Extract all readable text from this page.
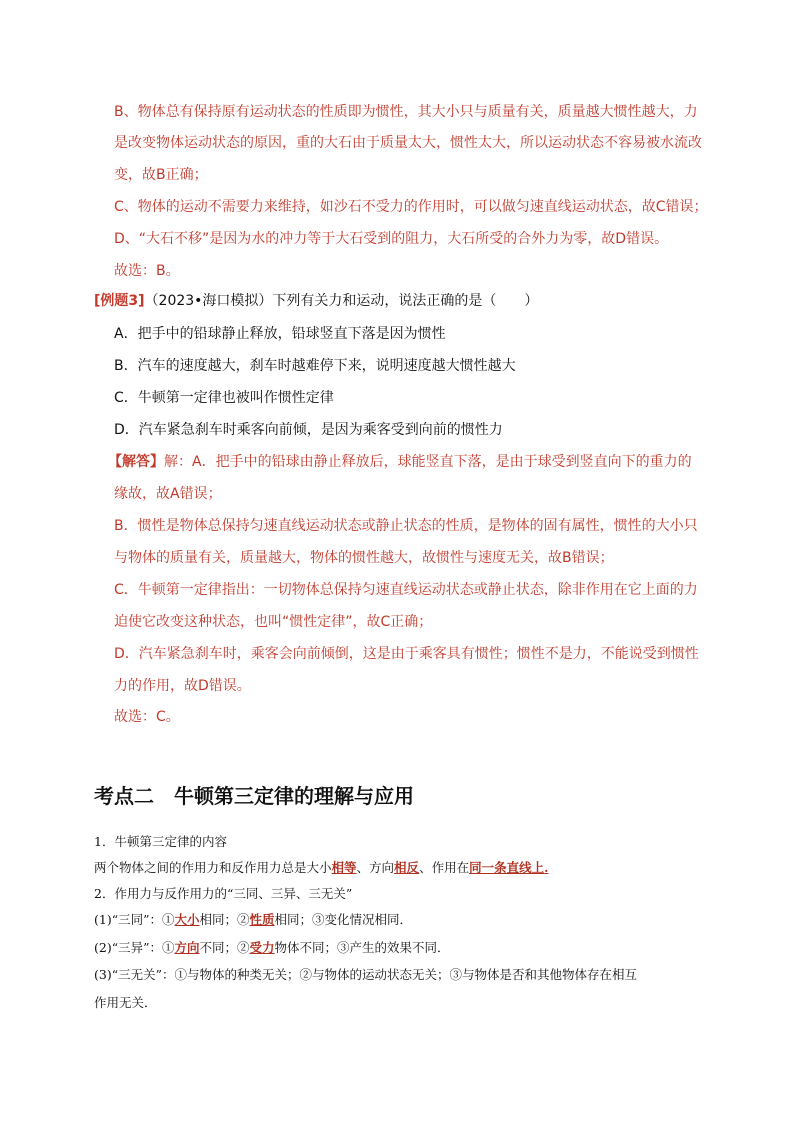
B、物体总有保持原有运动状态的性质即为惯性，其大小只与质量有关，质量越大惯性越大，力
是改变物体运动状态的原因，重的大石由于质量太大，惯性太大，所以运动状态不容易被水流改
变，故B正确；
C、物体的运动不需要力来维持，如沙石不受力的作用时，可以做匀速直线运动状态，故C错误；
D、“大石不移”是因为水的冲力等于大石受到的阻力，大石所受的合外力为零，故D错误。
故选：B。
[例题3]（2023•海口模拟）下列有关力和运动，说法正确的是（　　）
A．把手中的铅球静止释放，铅球竖直下落是因为惯性
B．汽车的速度越大，刹车时越难停下来，说明速度越大惯性越大
C．牛顿第一定律也被叫作惯性定律
D．汽车紧急刹车时乘客向前倾，是因为乘客受到向前的惯性力
【解答】解：A．把手中的铅球由静止释放后，球能竖直下落，是由于球受到竖直向下的重力的
缘故，故A错误；
B．惯性是物体总保持匀速直线运动状态或静止状态的性质，是物体的固有属性，惯性的大小只
与物体的质量有关，质量越大，物体的惯性越大，故惯性与速度无关，故B错误；
C．牛顿第一定律指出：一切物体总保持匀速直线运动状态或静止状态，除非作用在它上面的力
迫使它改变这种状态，也叫“惯性定律”，故C正确；
D．汽车紧急刹车时，乘客会向前倾倒，这是由于乘客具有惯性；惯性不是力，不能说受到惯性
力的作用，故D错误。
故选：C。
考点二　牛顿第三定律的理解与应用
1．牛顿第三定律的内容
两个物体之间的作用力和反作用力总是大小相等、方向相反、作用在同一条直线上.
2．作用力与反作用力的“三同、三异、三无关”
(1)“三同”：①大小相同；②性质相同；③变化情况相同．
(2)“三异”：①方向不同；②受力物体不同；③产生的效果不同．
(3)“三无关”：①与物体的种类无关；②与物体的运动状态无关；③与物体是否和其他物体存在相互
作用无关．
